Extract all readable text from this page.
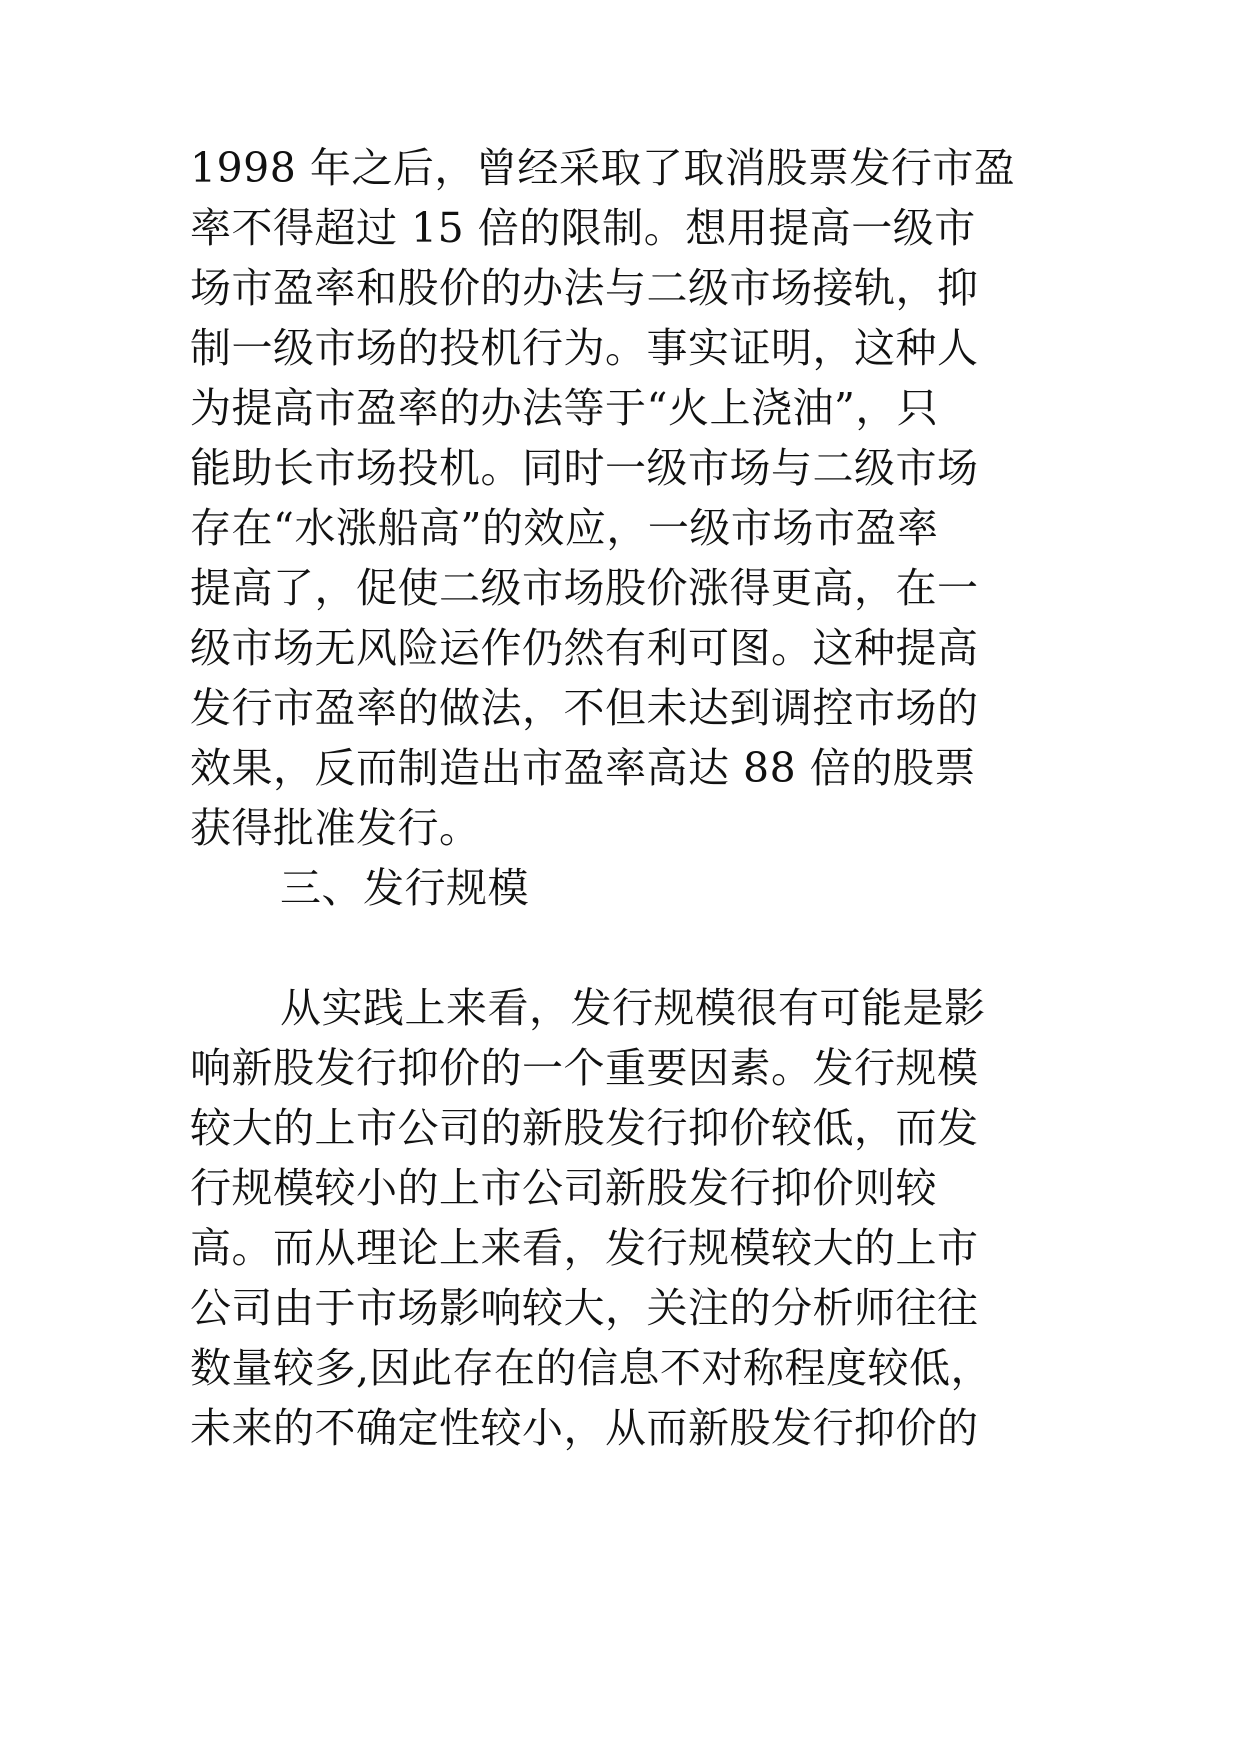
1998 年之后，曾经采取了取消股票发行市盈
率不得超过 15 倍的限制。想用提高一级市
场市盈率和股价的办法与二级市场接轨，抑
制一级市场的投机行为。事实证明，这种人
为提高市盈率的办法等于“火上浇油”，只
能助长市场投机。同时一级市场与二级市场
存在“水涨船高”的效应，一级市场市盈率
提高了，促使二级市场股价涨得更高，在一
级市场无风险运作仍然有利可图。这种提高
发行市盈率的做法，不但未达到调控市场的
效果，反而制造出市盈率高达 88 倍的股票
获得批准发行。
三、发行规模
从实践上来看，发行规模很有可能是影
响新股发行抑价的一个重要因素。发行规模
较大的上市公司的新股发行抑价较低，而发
行规模较小的上市公司新股发行抑价则较
高。而从理论上来看，发行规模较大的上市
公司由于市场影响较大，关注的分析师往往
数量较多,因此存在的信息不对称程度较低，
未来的不确定性较小，从而新股发行抑价的
